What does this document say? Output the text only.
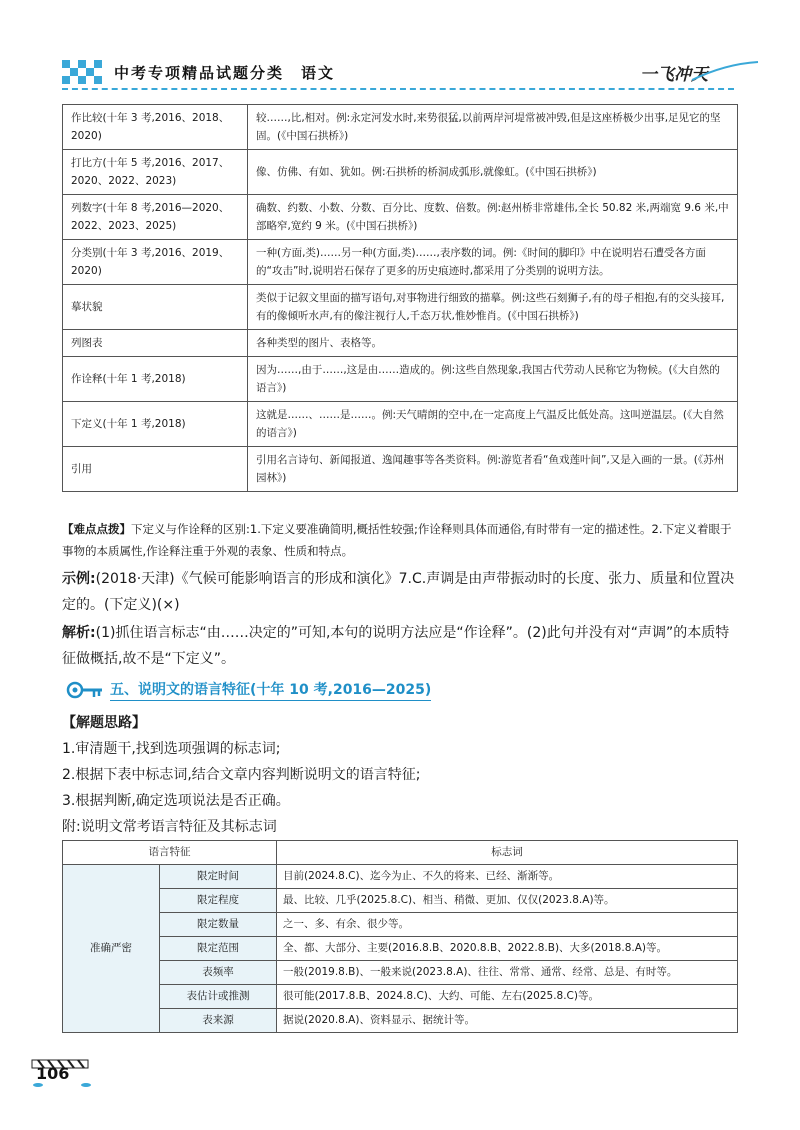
中考专项精品试题分类　语文	一飞冲天
作比较(十年 3 考,2016、2018、2020)	较……,比,相对。例:永定河发水时,来势很猛,以前两岸河堤常被冲毁,但是这座桥极少出事,足见它的坚固。(《中国石拱桥》)
打比方(十年 5 考,2016、2017、2020、2022、2023)	像、仿佛、有如、犹如。例:石拱桥的桥洞成弧形,就像虹。(《中国石拱桥》)
列数字(十年 8 考,2016—2020、2022、2023、2025)	确数、约数、小数、分数、百分比、度数、倍数。例:赵州桥非常雄伟,全长 50.82 米,两端宽 9.6 米,中部略窄,宽约 9 米。(《中国石拱桥》)
分类别(十年 3 考,2016、2019、2020)	一种(方面,类)……另一种(方面,类)……,表序数的词。例:《时间的脚印》中在说明岩石遭受各方面的“攻击”时,说明岩石保存了更多的历史痕迹时,都采用了分类别的说明方法。
摹状貌	类似于记叙文里面的描写语句,对事物进行细致的描摹。例:这些石刻狮子,有的母子相抱,有的交头接耳,有的像倾听水声,有的像注视行人,千态万状,惟妙惟肖。(《中国石拱桥》)
列图表	各种类型的图片、表格等。
作诠释(十年 1 考,2018)	因为……,由于……,这是由……造成的。例:这些自然现象,我国古代劳动人民称它为物候。(《大自然的语言》)
下定义(十年 1 考,2018)	这就是……、……是……。例:天气晴朗的空中,在一定高度上气温反比低处高。这叫逆温层。(《大自然的语言》)
引用	引用名言诗句、新闻报道、逸闻趣事等各类资料。例:游览者看“鱼戏莲叶间”,又是入画的一景。(《苏州园林》)
【难点点拨】下定义与作诠释的区别:1.下定义要准确简明,概括性较强;作诠释则具体而通俗,有时带有一定的描述性。2.下定义着眼于事物的本质属性,作诠释注重于外观的表象、性质和特点。
示例:(2018·天津)《气候可能影响语言的形成和演化》7.C.声调是由声带振动时的长度、张力、质量和位置决定的。(下定义)(×)
解析:(1)抓住语言标志“由……决定的”可知,本句的说明方法应是“作诠释”。(2)此句并没有对“声调”的本质特征做概括,故不是“下定义”。
五、说明文的语言特征(十年 10 考,2016—2025)
【解题思路】
1.审清题干,找到选项强调的标志词;
2.根据下表中标志词,结合文章内容判断说明文的语言特征;
3.根据判断,确定选项说法是否正确。
附:说明文常考语言特征及其标志词
语言特征		标志词
准确严密	限定时间	目前(2024.8.C)、迄今为止、不久的将来、已经、渐渐等。
	限定程度	最、比较、几乎(2025.8.C)、相当、稍微、更加、仅仅(2023.8.A)等。
	限定数量	之一、多、有余、很少等。
	限定范围	全、都、大部分、主要(2016.8.B、2020.8.B、2022.8.B)、大多(2018.8.A)等。
	表频率	一般(2019.8.B)、一般来说(2023.8.A)、往往、常常、通常、经常、总是、有时等。
	表估计或推测	很可能(2017.8.B、2024.8.C)、大约、可能、左右(2025.8.C)等。
	表来源	据说(2020.8.A)、资料显示、据统计等。
106
